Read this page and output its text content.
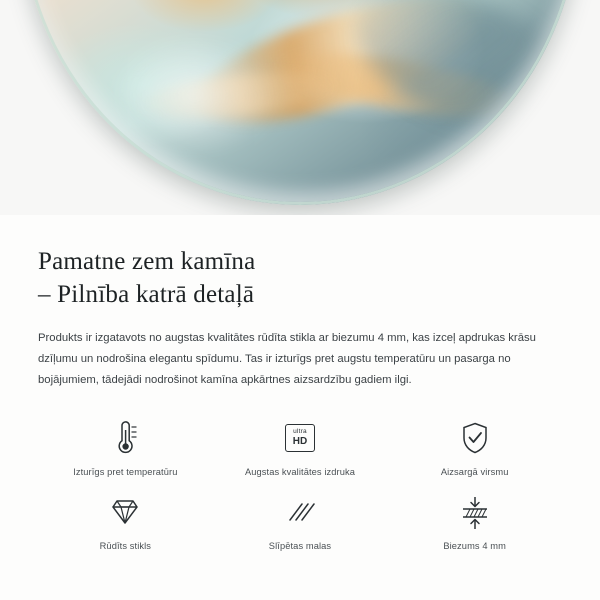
Pamatne zem kamīna
– Pilnība katrā detaļā

Produkts ir izgatavots no augstas kvalitātes rūdīta stikla ar biezumu 4 mm, kas izceļ apdrukas krāsu dzīļumu un nodrošina elegantu spīdumu. Tas ir izturīgs pret augstu temperatūru un pasarga no bojājumiem, tādejādi nodrošinot kamīna apkārtnes aizsardzību gadiem ilgi.

Izturīgs pret temperatūru
ultra
HD
Augstas kvalitātes izdruka	Aizsargā virsmu
Rūdīts stikls	Slīpētas malas	Biezums 4 mm
